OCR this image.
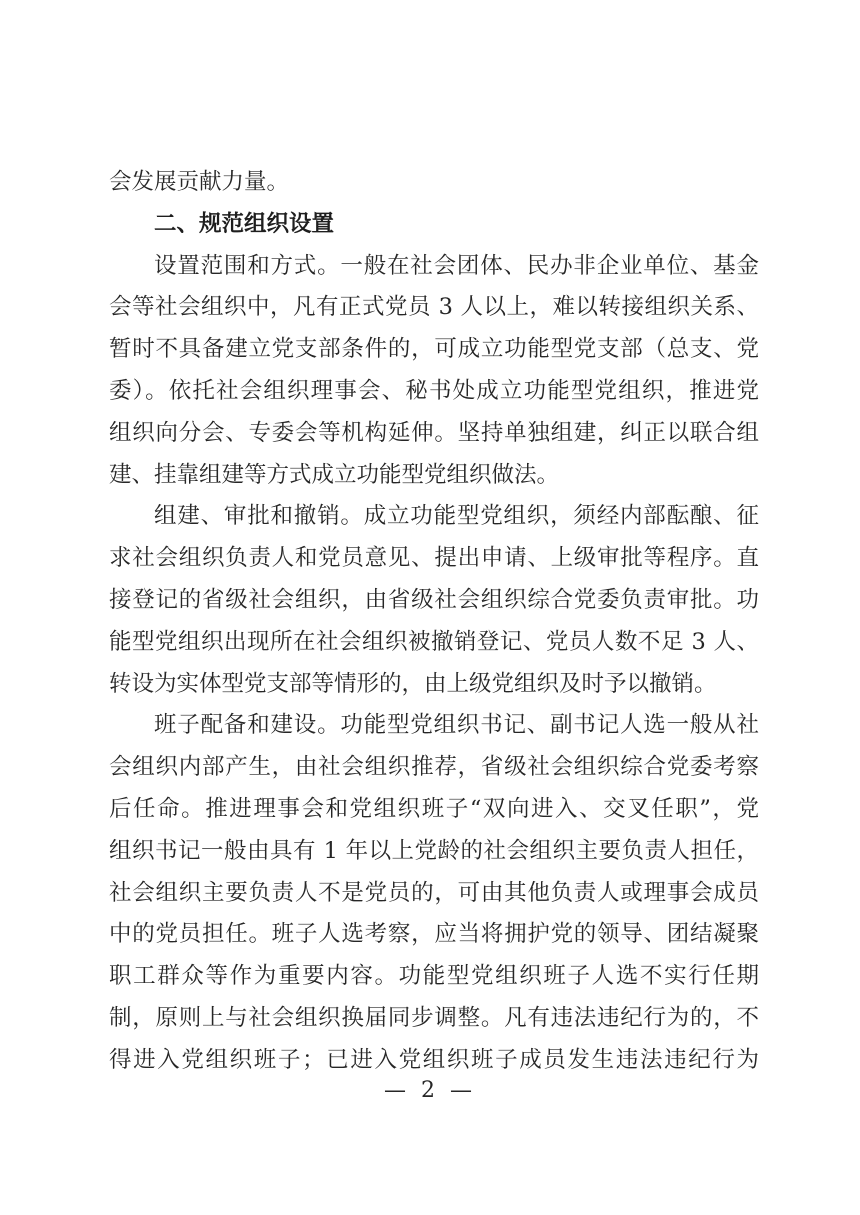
会发展贡献力量。
二、规范组织设置
设置范围和方式。一般在社会团体、民办非企业单位、基金
会等社会组织中，凡有正式党员 3 人以上，难以转接组织关系、
暂时不具备建立党支部条件的，可成立功能型党支部（总支、党
委）。依托社会组织理事会、秘书处成立功能型党组织，推进党
组织向分会、专委会等机构延伸。坚持单独组建，纠正以联合组
建、挂靠组建等方式成立功能型党组织做法。
组建、审批和撤销。成立功能型党组织，须经内部酝酿、征
求社会组织负责人和党员意见、提出申请、上级审批等程序。直
接登记的省级社会组织，由省级社会组织综合党委负责审批。功
能型党组织出现所在社会组织被撤销登记、党员人数不足 3 人、
转设为实体型党支部等情形的，由上级党组织及时予以撤销。
班子配备和建设。功能型党组织书记、副书记人选一般从社
会组织内部产生，由社会组织推荐，省级社会组织综合党委考察
后任命。推进理事会和党组织班子“双向进入、交叉任职”，党
组织书记一般由具有 1 年以上党龄的社会组织主要负责人担任，
社会组织主要负责人不是党员的，可由其他负责人或理事会成员
中的党员担任。班子人选考察，应当将拥护党的领导、团结凝聚
职工群众等作为重要内容。功能型党组织班子人选不实行任期
制，原则上与社会组织换届同步调整。凡有违法违纪行为的，不
得进入党组织班子；已进入党组织班子成员发生违法违纪行为
— 2 —
